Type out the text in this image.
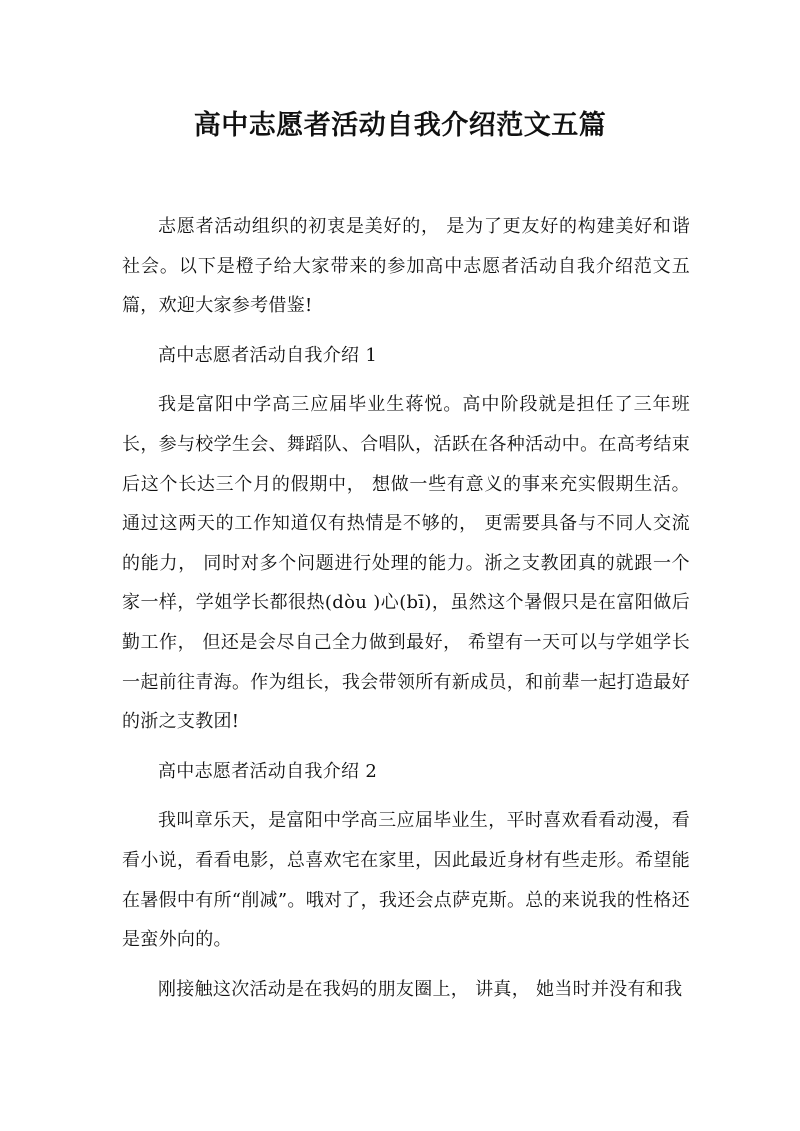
高中志愿者活动自我介绍范文五篇

志愿者活动组织的初衷是美好的， 是为了更友好的构建美好和谐社会。以下是橙子给大家带来的参加高中志愿者活动自我介绍范文五篇，欢迎大家参考借鉴!

高中志愿者活动自我介绍 1

我是富阳中学高三应届毕业生蒋悦。高中阶段就是担任了三年班长，参与校学生会、舞蹈队、合唱队，活跃在各种活动中。在高考结束后这个长达三个月的假期中， 想做一些有意义的事来充实假期生活。通过这两天的工作知道仅有热情是不够的， 更需要具备与不同人交流的能力， 同时对多个问题进行处理的能力。浙之支教团真的就跟一个家一样，学姐学长都很热(dòu )心(bī)，虽然这个暑假只是在富阳做后勤工作， 但还是会尽自己全力做到最好， 希望有一天可以与学姐学长一起前往青海。作为组长，我会带领所有新成员，和前辈一起打造最好的浙之支教团!

高中志愿者活动自我介绍 2

我叫章乐天，是富阳中学高三应届毕业生，平时喜欢看看动漫，看看小说，看看电影，总喜欢宅在家里，因此最近身材有些走形。希望能在暑假中有所“削减”。哦对了，我还会点萨克斯。总的来说我的性格还是蛮外向的。

刚接触这次活动是在我妈的朋友圈上， 讲真， 她当时并没有和我
